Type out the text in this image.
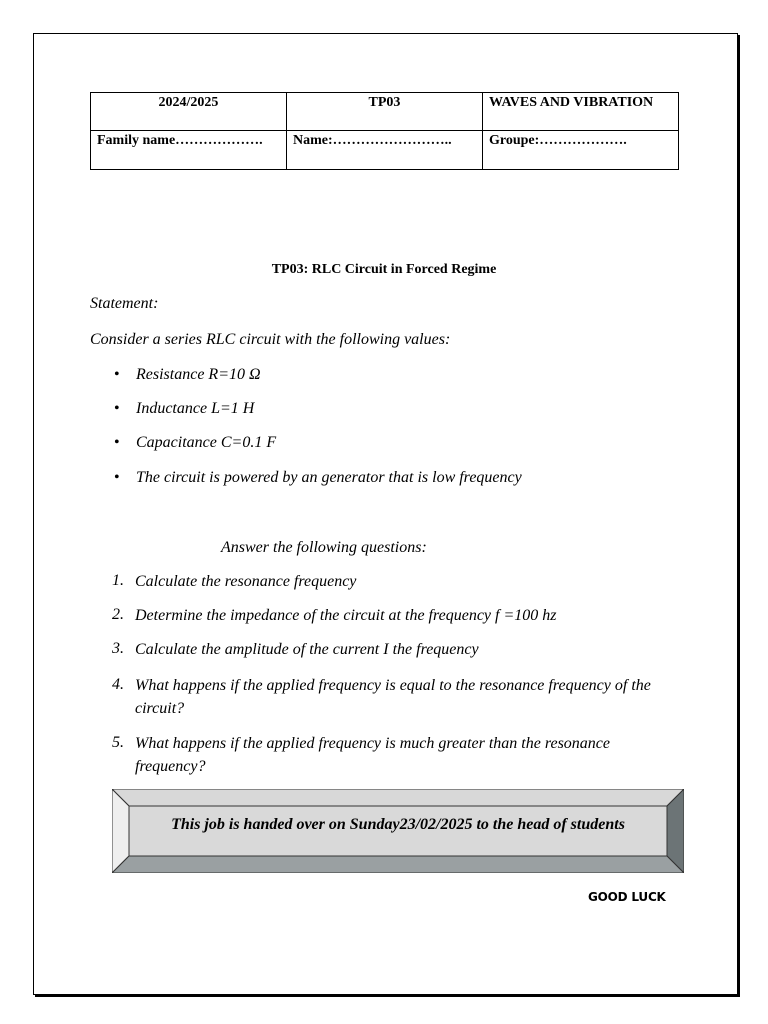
2024/2025	TP03	WAVES AND VIBRATION
Family name……………….	Name:……………………..	Groupe:……………….
TP03: RLC Circuit in Forced Regime
Statement:
Consider a series RLC circuit with the following values:
• Resistance R=10 Ω
• Inductance L=1 H
• Capacitance C=0.1 F
• The circuit is powered by an generator that is low frequency
Answer the following questions:
1. Calculate the resonance frequency
2. Determine the impedance of the circuit at the frequency f =100 hz
3. Calculate the amplitude of the current I the frequency
4. What happens if the applied frequency is equal to the resonance frequency of the circuit?
5. What happens if the applied frequency is much greater than the resonance frequency?
This job is handed over on Sunday23/02/2025 to the head of students
GOOD LUCK
